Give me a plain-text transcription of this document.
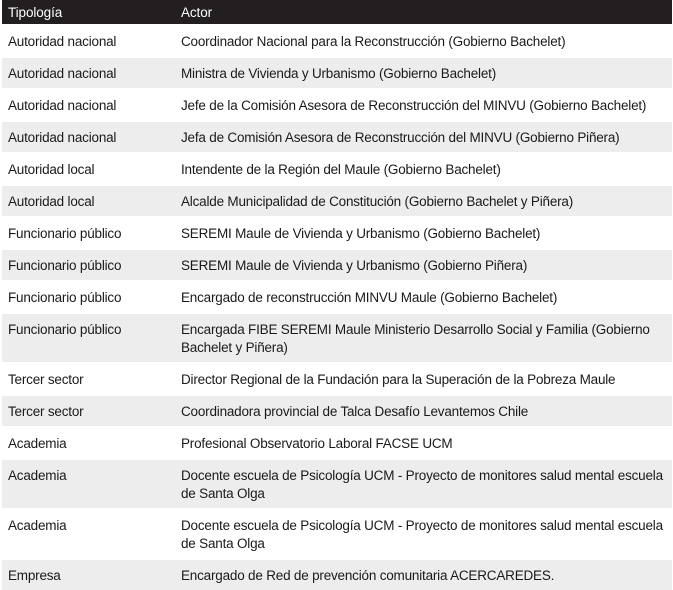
Tipología	Actor
Autoridad nacional	Coordinador Nacional para la Reconstrucción (Gobierno Bachelet)
Autoridad nacional	Ministra de Vivienda y Urbanismo (Gobierno Bachelet)
Autoridad nacional	Jefe de la Comisión Asesora de Reconstrucción del MINVU (Gobierno Bachelet)
Autoridad nacional	Jefa de Comisión Asesora de Reconstrucción del MINVU (Gobierno Piñera)
Autoridad local	Intendente de la Región del Maule (Gobierno Bachelet)
Autoridad local	Alcalde Municipalidad de Constitución (Gobierno Bachelet y Piñera)
Funcionario público	SEREMI Maule de Vivienda y Urbanismo (Gobierno Bachelet)
Funcionario público	SEREMI Maule de Vivienda y Urbanismo (Gobierno Piñera)
Funcionario público	Encargado de reconstrucción MINVU Maule (Gobierno Bachelet)
Funcionario público	Encargada FIBE SEREMI Maule Ministerio Desarrollo Social y Familia (Gobierno Bachelet y Piñera)
Tercer sector	Director Regional de la Fundación para la Superación de la Pobreza Maule
Tercer sector	Coordinadora provincial de Talca Desafío Levantemos Chile
Academia	Profesional Observatorio Laboral FACSE UCM
Academia	Docente escuela de Psicología UCM - Proyecto de monitores salud mental escuela de Santa Olga
Academia	Docente escuela de Psicología UCM - Proyecto de monitores salud mental escuela de Santa Olga
Empresa	Encargado de Red de prevención comunitaria ACERCAREDES.
